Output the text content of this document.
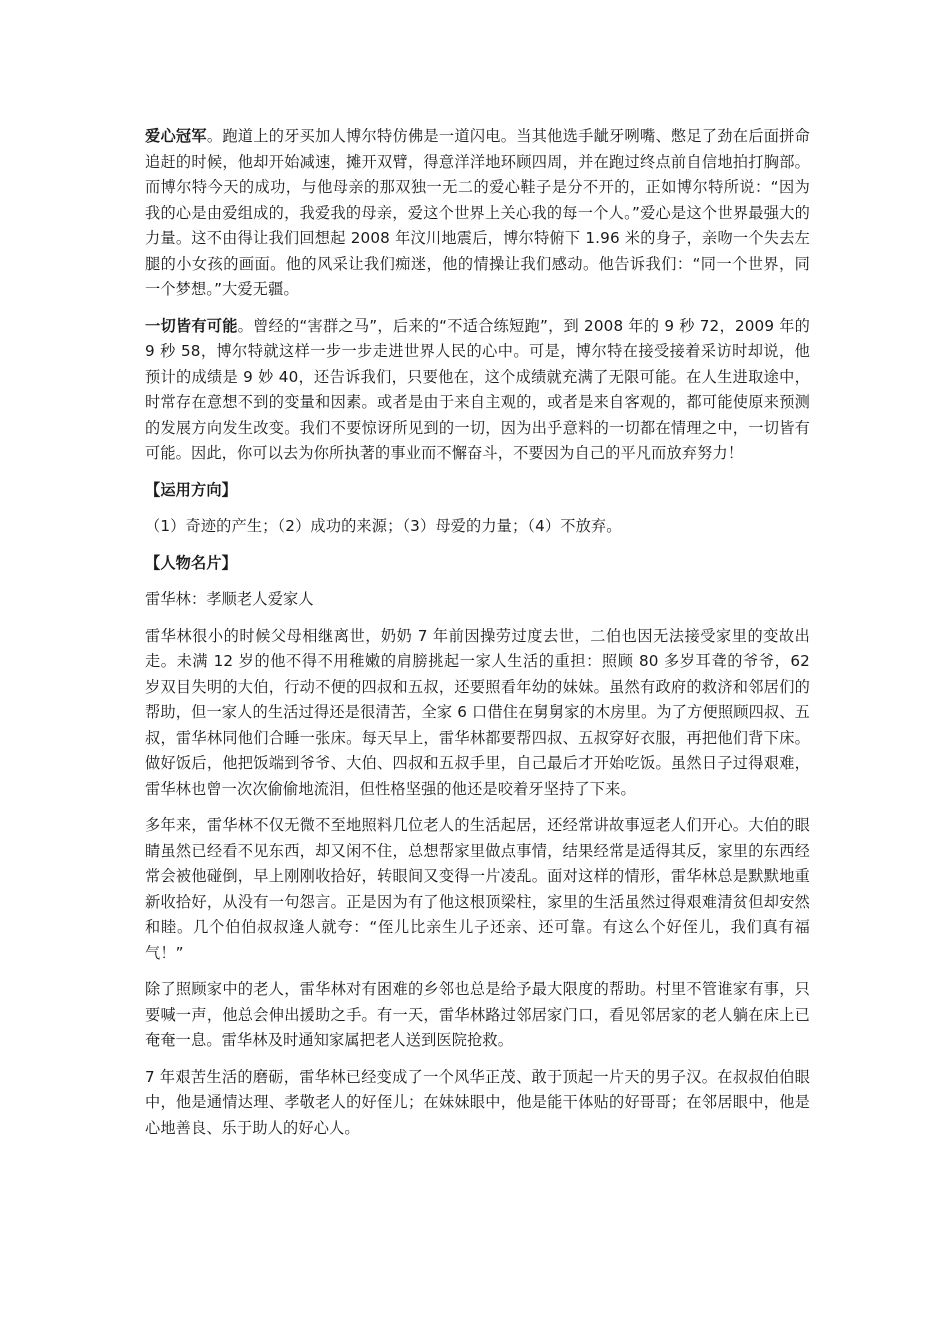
爱心冠军。跑道上的牙买加人博尔特仿佛是一道闪电。当其他选手龇牙咧嘴、憋足了劲在后面拼命追赶的时候，他却开始减速，摊开双臂，得意洋洋地环顾四周，并在跑过终点前自信地拍打胸部。而博尔特今天的成功，与他母亲的那双独一无二的爱心鞋子是分不开的，正如博尔特所说：“因为我的心是由爱组成的，我爱我的母亲，爱这个世界上关心我的每一个人。”爱心是这个世界最强大的力量。这不由得让我们回想起 2008 年汶川地震后，博尔特俯下 1.96 米的身子，亲吻一个失去左腿的小女孩的画面。他的风采让我们痴迷，他的情操让我们感动。他告诉我们：“同一个世界，同一个梦想。”大爱无疆。

一切皆有可能。曾经的“害群之马”，后来的“不适合练短跑”，到 2008 年的 9 秒 72，2009 年的 9 秒 58，博尔特就这样一步一步走进世界人民的心中。可是，博尔特在接受接着采访时却说，他预计的成绩是 9 妙 40，还告诉我们，只要他在，这个成绩就充满了无限可能。在人生进取途中，时常存在意想不到的变量和因素。或者是由于来自主观的，或者是来自客观的，都可能使原来预测的发展方向发生改变。我们不要惊讶所见到的一切，因为出乎意料的一切都在情理之中，一切皆有可能。因此，你可以去为你所执著的事业而不懈奋斗，不要因为自己的平凡而放弃努力！

【运用方向】

（1）奇迹的产生；（2）成功的来源；（3）母爱的力量；（4）不放弃。

【人物名片】

雷华林：孝顺老人爱家人

雷华林很小的时候父母相继离世，奶奶 7 年前因操劳过度去世，二伯也因无法接受家里的变故出走。未满 12 岁的他不得不用稚嫩的肩膀挑起一家人生活的重担：照顾 80 多岁耳聋的爷爷，62 岁双目失明的大伯，行动不便的四叔和五叔，还要照看年幼的妹妹。虽然有政府的救济和邻居们的帮助，但一家人的生活过得还是很清苦，全家 6 口借住在舅舅家的木房里。为了方便照顾四叔、五叔，雷华林同他们合睡一张床。每天早上，雷华林都要帮四叔、五叔穿好衣服，再把他们背下床。做好饭后，他把饭端到爷爷、大伯、四叔和五叔手里，自己最后才开始吃饭。虽然日子过得艰难，雷华林也曾一次次偷偷地流泪，但性格坚强的他还是咬着牙坚持了下来。

多年来，雷华林不仅无微不至地照料几位老人的生活起居，还经常讲故事逗老人们开心。大伯的眼睛虽然已经看不见东西，却又闲不住，总想帮家里做点事情，结果经常是适得其反，家里的东西经常会被他碰倒，早上刚刚收拾好，转眼间又变得一片凌乱。面对这样的情形，雷华林总是默默地重新收拾好，从没有一句怨言。正是因为有了他这根顶梁柱，家里的生活虽然过得艰难清贫但却安然和睦。几个伯伯叔叔逢人就夸：“侄儿比亲生儿子还亲、还可靠。有这么个好侄儿，我们真有福气！”

除了照顾家中的老人，雷华林对有困难的乡邻也总是给予最大限度的帮助。村里不管谁家有事，只要喊一声，他总会伸出援助之手。有一天，雷华林路过邻居家门口，看见邻居家的老人躺在床上已奄奄一息。雷华林及时通知家属把老人送到医院抢救。

7 年艰苦生活的磨砺，雷华林已经变成了一个风华正茂、敢于顶起一片天的男子汉。在叔叔伯伯眼中，他是通情达理、孝敬老人的好侄儿；在妹妹眼中，他是能干体贴的好哥哥；在邻居眼中，他是心地善良、乐于助人的好心人。
